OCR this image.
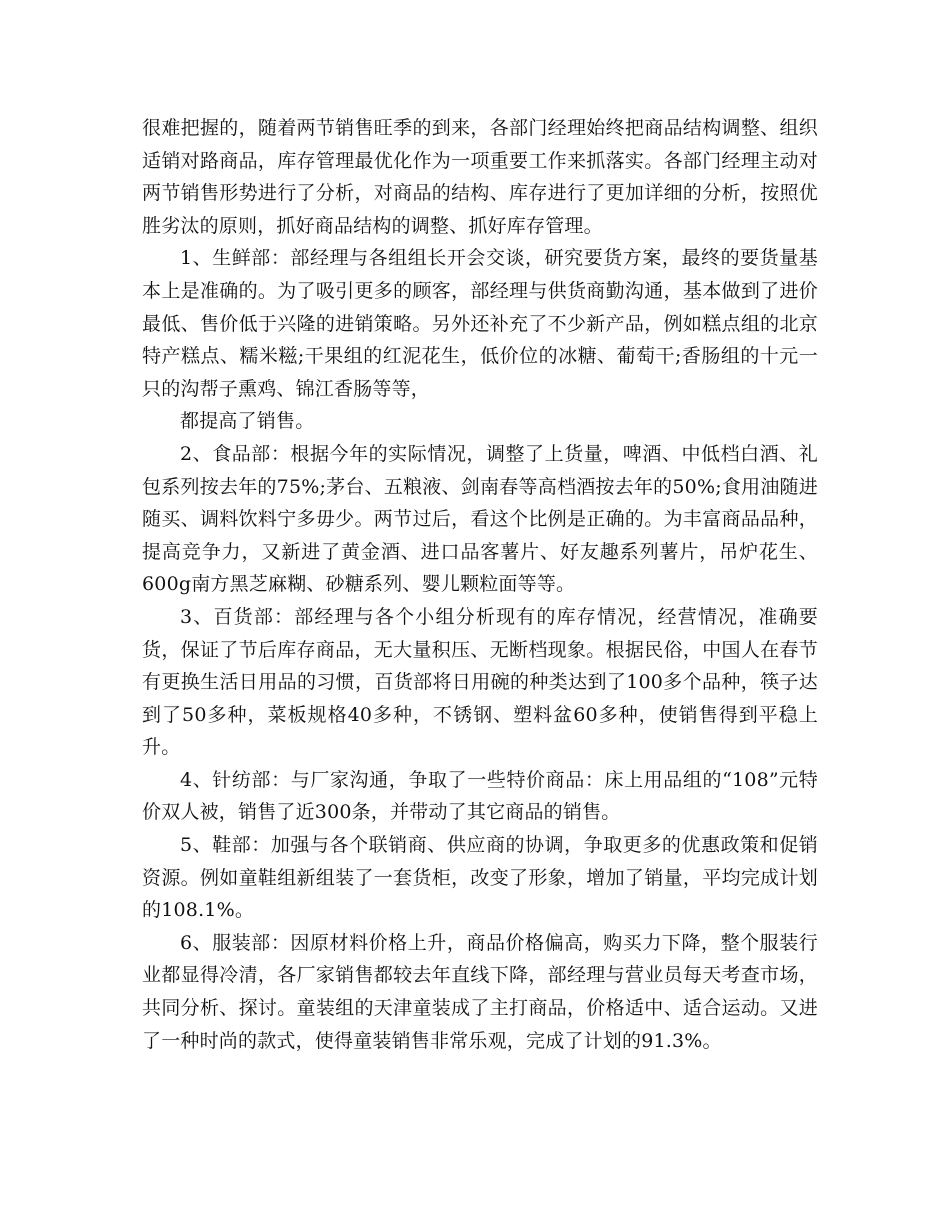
很难把握的，随着两节销售旺季的到来，各部门经理始终把商品结构调整、组织适销对路商品，库存管理最优化作为一项重要工作来抓落实。各部门经理主动对两节销售形势进行了分析，对商品的结构、库存进行了更加详细的分析，按照优胜劣汰的原则，抓好商品结构的调整、抓好库存管理。

1、生鲜部：部经理与各组组长开会交谈，研究要货方案，最终的要货量基本上是准确的。为了吸引更多的顾客，部经理与供货商勤沟通，基本做到了进价最低、售价低于兴隆的进销策略。另外还补充了不少新产品，例如糕点组的北京特产糕点、糯米糍;干果组的红泥花生，低价位的冰糖、葡萄干;香肠组的十元一只的沟帮子熏鸡、锦江香肠等等，

都提高了销售。

2、食品部：根据今年的实际情况，调整了上货量，啤酒、中低档白酒、礼包系列按去年的75%;茅台、五粮液、剑南春等高档酒按去年的50%;食用油随进随买、调料饮料宁多毋少。两节过后，看这个比例是正确的。为丰富商品品种，提高竞争力，又新进了黄金酒、进口品客薯片、好友趣系列薯片，吊炉花生、600g南方黑芝麻糊、砂糖系列、婴儿颗粒面等等。

3、百货部：部经理与各个小组分析现有的库存情况，经营情况，准确要货，保证了节后库存商品，无大量积压、无断档现象。根据民俗，中国人在春节有更换生活日用品的习惯，百货部将日用碗的种类达到了100多个品种，筷子达到了50多种，菜板规格40多种，不锈钢、塑料盆60多种，使销售得到平稳上升。

4、针纺部：与厂家沟通，争取了一些特价商品：床上用品组的“108”元特价双人被，销售了近300条，并带动了其它商品的销售。

5、鞋部：加强与各个联销商、供应商的协调，争取更多的优惠政策和促销资源。例如童鞋组新组装了一套货柜，改变了形象，增加了销量，平均完成计划的108.1%。

6、服装部：因原材料价格上升，商品价格偏高，购买力下降，整个服装行业都显得冷清，各厂家销售都较去年直线下降，部经理与营业员每天考查市场，共同分析、探讨。童装组的天津童装成了主打商品，价格适中、适合运动。又进了一种时尚的款式，使得童装销售非常乐观，完成了计划的91.3%。
